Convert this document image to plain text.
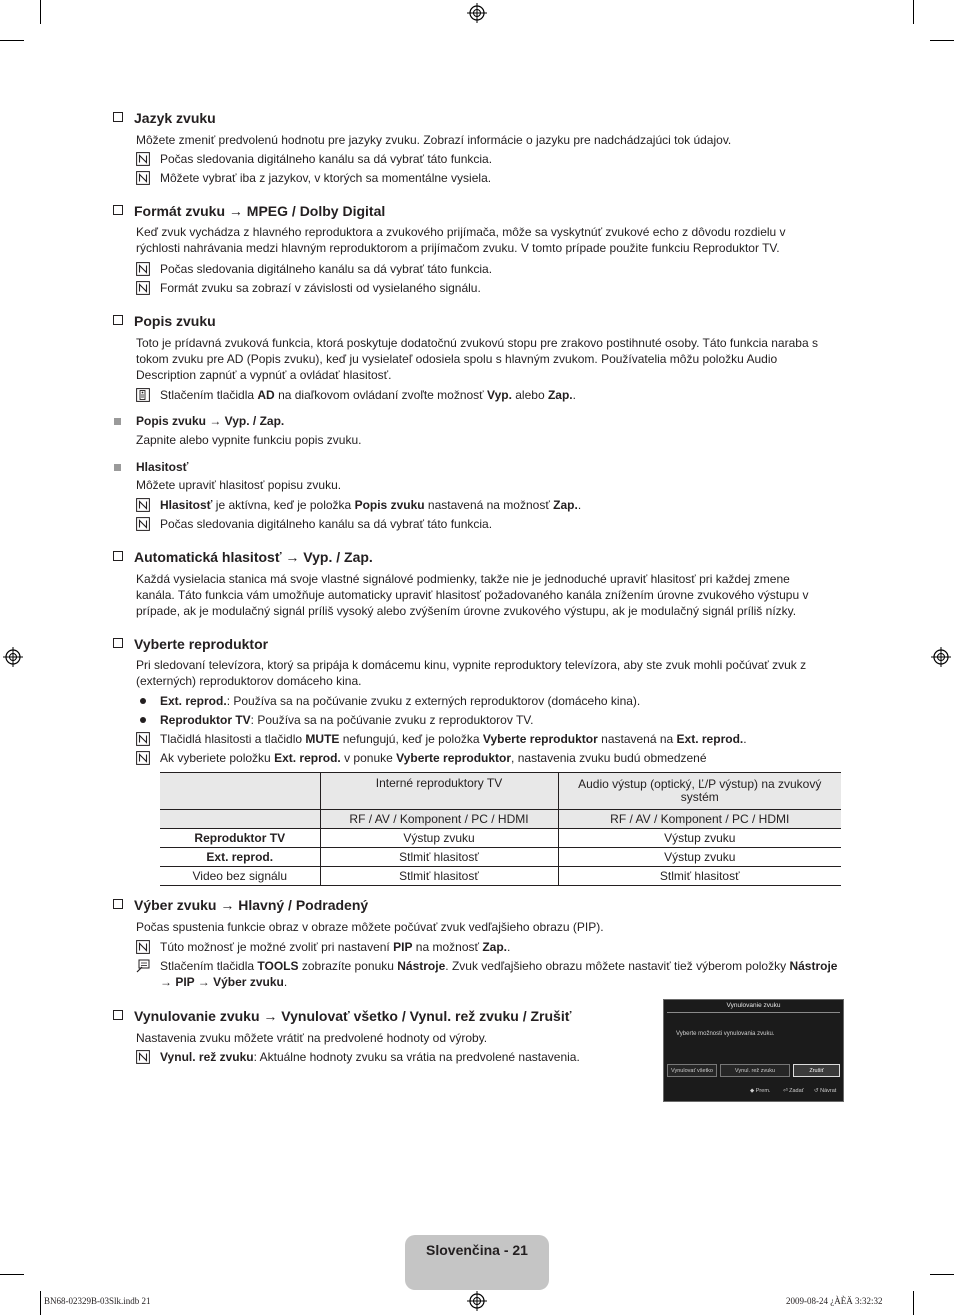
Jazyk zvuku
Môžete zmeniť predvolenú hodnotu pre jazyky zvuku. Zobrazí informácie o jazyku pre nadchádzajúci tok údajov.
Počas sledovania digitálneho kanálu sa dá vybrať táto funkcia.
Môžete vybrať iba z jazykov, v ktorých sa momentálne vysiela.
Formát zvuku → MPEG / Dolby Digital
Keď zvuk vychádza z hlavného reproduktora a zvukového prijímača, môže sa vyskytnúť zvukové echo z dôvodu rozdielu v rýchlosti nahrávania medzi hlavným reproduktorom a prijímačom zvuku. V tomto prípade použite funkciu Reproduktor TV.
Počas sledovania digitálneho kanálu sa dá vybrať táto funkcia.
Formát zvuku sa zobrazí v závislosti od vysielaného signálu.
Popis zvuku
Toto je prídavná zvuková funkcia, ktorá poskytuje dodatočnú zvukovú stopu pre zrakovo postihnuté osoby. Táto funkcia naraba s tokom zvuku pre AD (Popis zvuku), keď ju vysielateľ odosiela spolu s hlavným zvukom. Používatelia môžu položku Audio Description zapnúť a vypnúť a ovládať hlasitosť.
Stlačením tlačidla AD na diaľkovom ovládaní zvoľte možnosť Vyp. alebo Zap..
Popis zvuku → Vyp. / Zap.
Zapnite alebo vypnite funkciu popis zvuku.
Hlasitosť
Môžete upraviť hlasitosť popisu zvuku.
Hlasitosť je aktívna, keď je položka Popis zvuku nastavená na možnosť Zap..
Počas sledovania digitálneho kanálu sa dá vybrať táto funkcia.
Automatická hlasitosť → Vyp. / Zap.
Každá vysielacia stanica má svoje vlastné signálové podmienky, takže nie je jednoduché upraviť hlasitosť pri každej zmene kanála. Táto funkcia vám umožňuje automaticky upraviť hlasitosť požadovaného kanála znížením úrovne zvukového výstupu v prípade, ak je modulačný signál príliš vysoký alebo zvýšením úrovne zvukového výstupu, ak je modulačný signál príliš nízky.
Vyberte reproduktor
Pri sledovaní televízora, ktorý sa pripája k domácemu kinu, vypnite reproduktory televízora, aby ste zvuk mohli počúvať zvuk z (externých) reproduktorov domáceho kina.
Ext. reprod.: Používa sa na počúvanie zvuku z externých reproduktorov (domáceho kina).
Reproduktor TV: Používa sa na počúvanie zvuku z reproduktorov TV.
Tlačidlá hlasitosti a tlačidlo MUTE nefungujú, keď je položka Vyberte reproduktor nastavená na Ext. reprod..
Ak vyberiete položku Ext. reprod. v ponuke Vyberte reproduktor, nastavenia zvuku budú obmedzené
	Interné reproduktory TV	Audio výstup (optický, Ľ/P výstup) na zvukový systém
	RF / AV / Komponent / PC / HDMI	RF / AV / Komponent / PC / HDMI
Reproduktor TV	Výstup zvuku	Výstup zvuku
Ext. reprod.	Stlmiť hlasitosť	Výstup zvuku
Video bez signálu	Stlmiť hlasitosť	Stlmiť hlasitosť
Výber zvuku → Hlavný / Podradený
Počas spustenia funkcie obraz v obraze môžete počúvať zvuk vedľajšieho obrazu (PIP).
Túto možnosť je možné zvoliť pri nastavení PIP na možnosť Zap..
Stlačením tlačidla TOOLS zobrazíte ponuku Nástroje. Zvuk vedľajšieho obrazu môžete nastaviť tiež výberom položky Nástroje → PIP → Výber zvuku.
Vynulovanie zvuku → Vynulovať všetko / Vynul. rež zvuku / Zrušiť
Nastavenia zvuku môžete vrátiť na predvolené hodnoty od výroby.
Vynul. rež zvuku: Aktuálne hodnoty zvuku sa vrátia na predvolené nastavenia.
Vynulovanie zvuku
Vyberte možnosti vynulovania zvuku.
Vynulovať všetko	Vynul. rež zvuku	Zrušiť
◆ Prem. ⏎ Zadať ↺ Návrat
Slovenčina - 21
BN68-02329B-03Slk.indb 21	2009-08-24 ¿ÀÈÄ 3:32:32
